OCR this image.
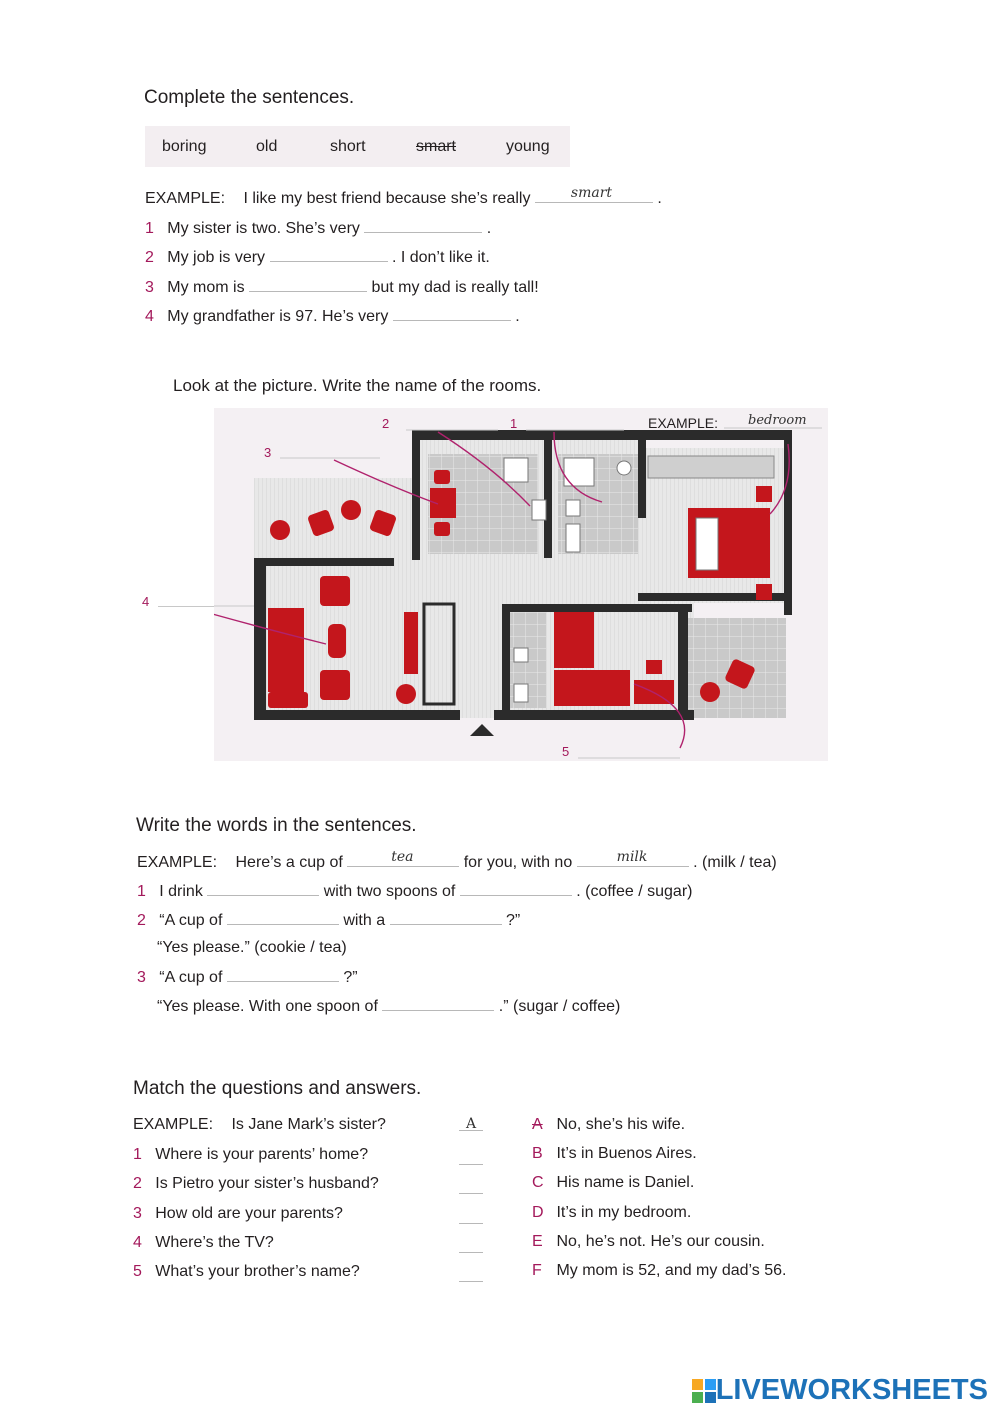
Complete the sentences.
boring	old	short	smart	young
EXAMPLE: I like my best friend because she’s really	smart	.
1 My sister is two. She’s very	.
2 My job is very	. I don’t like it.
3 My mom is	but my dad is really tall!
4 My grandfather is 97. He’s very	.
Look at the picture. Write the name of the rooms.
2	1	EXAMPLE: bedroom
3
5
4
Write the words in the sentences.
EXAMPLE: Here’s a cup of	tea	for you, with no	milk	. (milk / tea)
1 I drink	with two spoons of	. (coffee / sugar)
2 “A cup of	with a	?”
“Yes please.” (cookie / tea)
3 “A cup of	?”
“Yes please. With one spoon of	.” (sugar / coffee)
Match the questions and answers.
EXAMPLE: Is Jane Mark’s sister?	A
1 Where is your parents’ home?
2 Is Pietro your sister’s husband?
3 How old are your parents?
4 Where’s the TV?
5 What’s your brother’s name?
A No, she’s his wife.
B It’s in Buenos Aires.
C His name is Daniel.
D It’s in my bedroom.
E No, he’s not. He’s our cousin.
F My mom is 52, and my dad’s 56.
LIVEWORKSHEETS
